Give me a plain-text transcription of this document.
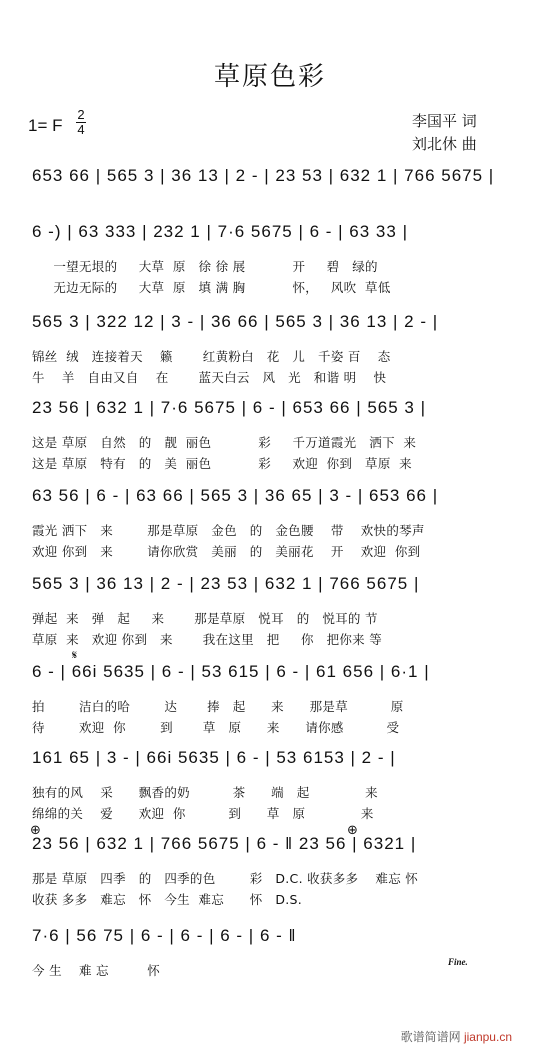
草原色彩
1= F
2
4	李国平 词
刘北休 曲
653 66 | 565 3 | 36 13 | 2 - | 23 53 | 632 1 | 766 5675 |
6 -) | 63 333 | 232 1 | 7·6 5675 | 6 - | 63 33 |
一望无垠的     大草  原   徐 徐 展           开     碧   绿的
无边无际的     大草  原   填 满 胸           怀，   风吹  草低
565 3 | 322 12 | 3 - | 36 66 | 565 3 | 36 13 | 2 - |
锦丝  绒   连接着天    籁       红黄粉白   花   儿   千姿 百    态
牛    羊   自由又自    在       蓝天白云   风   光   和谐 明    快
23 56 | 632 1 | 7·6 5675 | 6 - | 653 66 | 565 3 |
这是 草原   自然   的   靓  丽色           彩     千万道霞光   洒下  来
这是 草原   特有   的   美  丽色           彩     欢迎  你到   草原  来
63 56 | 6 - | 63 66 | 565 3 | 36 65 | 3 - | 653 66 |
霞光 洒下   来        那是草原   金色   的   金色腰    带    欢快的琴声
欢迎 你到   来        请你欣赏   美丽   的   美丽花    开    欢迎  你到
565 3 | 36 13 | 2 - | 23 53 | 632 1 | 766 5675 |
弹起  来   弹   起     来       那是草原   悦耳   的   悦耳的 节
草原  来   欢迎 你到   来       我在这里   把     你   把你来 等
6 - | 66i 5635 | 6 - | 53 615 | 6 - | 61 656 | 6·1 |
拍        洁白的哈        达       捧   起      来      那是草          原
待        欢迎  你        到       草   原      来      请你感          受
161 65 | 3 - | 66i 5635 | 6 - | 53 6153 | 2 - |
独有的风    采      飘香的奶          茶      端   起             来
绵绵的关    爱      欢迎  你          到      草   原             来
23 56 | 632 1 | 766 5675 | 6 - ‖ 23 56 | 6321 |
那是 草原   四季   的   四季的色        彩   D.C. 收获多多    难忘 怀
收获 多多   难忘   怀   今生  难忘      怀   D.S.
7·6 | 56 75 | 6 - | 6 - | 6 - | 6 - ‖
今 生    难 忘         怀
𝄋
⊕	⊕
Fine.
歌谱简谱网 jianpu.cn
